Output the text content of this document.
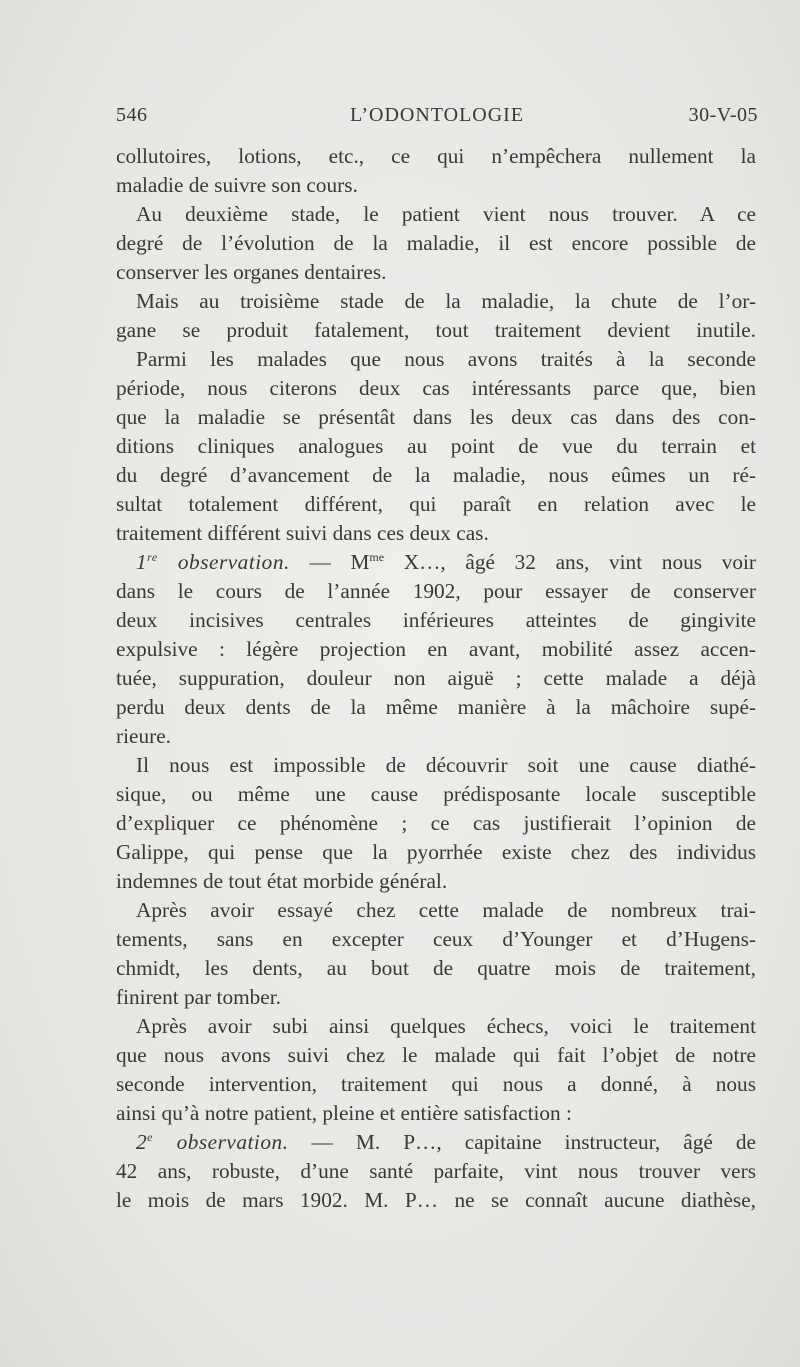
546	L’ODONTOLOGIE	30-V-05
collutoires, lotions, etc., ce qui n’empêchera nullement la
maladie de suivre son cours.
Au deuxième stade, le patient vient nous trouver. A ce
degré de l’évolution de la maladie, il est encore possible de
conserver les organes dentaires.
Mais au troisième stade de la maladie, la chute de l’or-
gane se produit fatalement, tout traitement devient inutile.
Parmi les malades que nous avons traités à la seconde
période, nous citerons deux cas intéressants parce que, bien
que la maladie se présentât dans les deux cas dans des con-
ditions cliniques analogues au point de vue du terrain et
du degré d’avancement de la maladie, nous eûmes un ré-
sultat totalement différent, qui paraît en relation avec le
traitement différent suivi dans ces deux cas.
1re observation. — $M^{me}$ X…, âgé 32 ans, vint nous voir
dans le cours de l’année 1902, pour essayer de conserver
deux incisives centrales inférieures atteintes de gingivite
expulsive : légère projection en avant, mobilité assez accen-
tuée, suppuration, douleur non aiguë ; cette malade a déjà
perdu deux dents de la même manière à la mâchoire supé-
rieure.
Il nous est impossible de découvrir soit une cause diathé-
sique, ou même une cause prédisposante locale susceptible
d’expliquer ce phénomène ; ce cas justifierait l’opinion de
Galippe, qui pense que la pyorrhée existe chez des individus
indemnes de tout état morbide général.
Après avoir essayé chez cette malade de nombreux trai-
tements, sans en excepter ceux d’Younger et d’Hugens-
chmidt, les dents, au bout de quatre mois de traitement,
finirent par tomber.
Après avoir subi ainsi quelques échecs, voici le traitement
que nous avons suivi chez le malade qui fait l’objet de notre
seconde intervention, traitement qui nous a donné, à nous
ainsi qu’à notre patient, pleine et entière satisfaction :
2e observation. — M. P…, capitaine instructeur, âgé de
42 ans, robuste, d’une santé parfaite, vint nous trouver vers
le mois de mars 1902. M. P… ne se connaît aucune diathèse,
